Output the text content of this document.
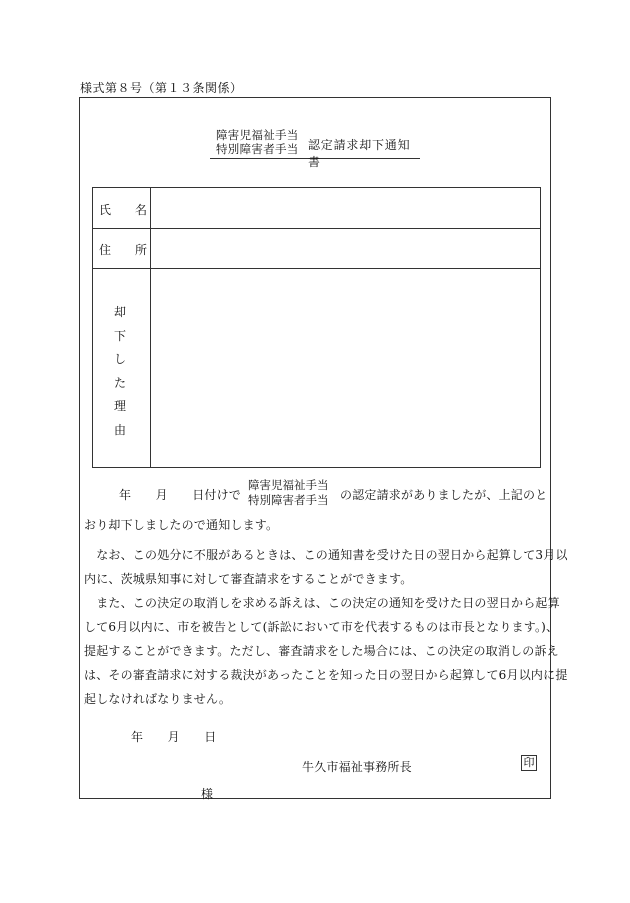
様式第８号（第１３条関係）
障害児福祉手当
特別障害者手当 認定請求却下通知書
氏　　名
住　　所
却
下
し
た
理
由
年　　月　　日付けで
障害児福祉手当
特別障害者手当 の認定請求がありましたが、上記のと
おり却下しましたので通知します。
　なお、この処分に不服があるときは、この通知書を受けた日の翌日から起算して3月以
内に、茨城県知事に対して審査請求をすることができます。
　また、この決定の取消しを求める訴えは、この決定の通知を受けた日の翌日から起算
して6月以内に、市を被告として(訴訟において市を代表するものは市長となります。)、
提起することができます。ただし、審査請求をした場合には、この決定の取消しの訴え
は、その審査請求に対する裁決があったことを知った日の翌日から起算して6月以内に提
起しなければなりません。
年　　月　　日
牛久市福祉事務所長	印
様
